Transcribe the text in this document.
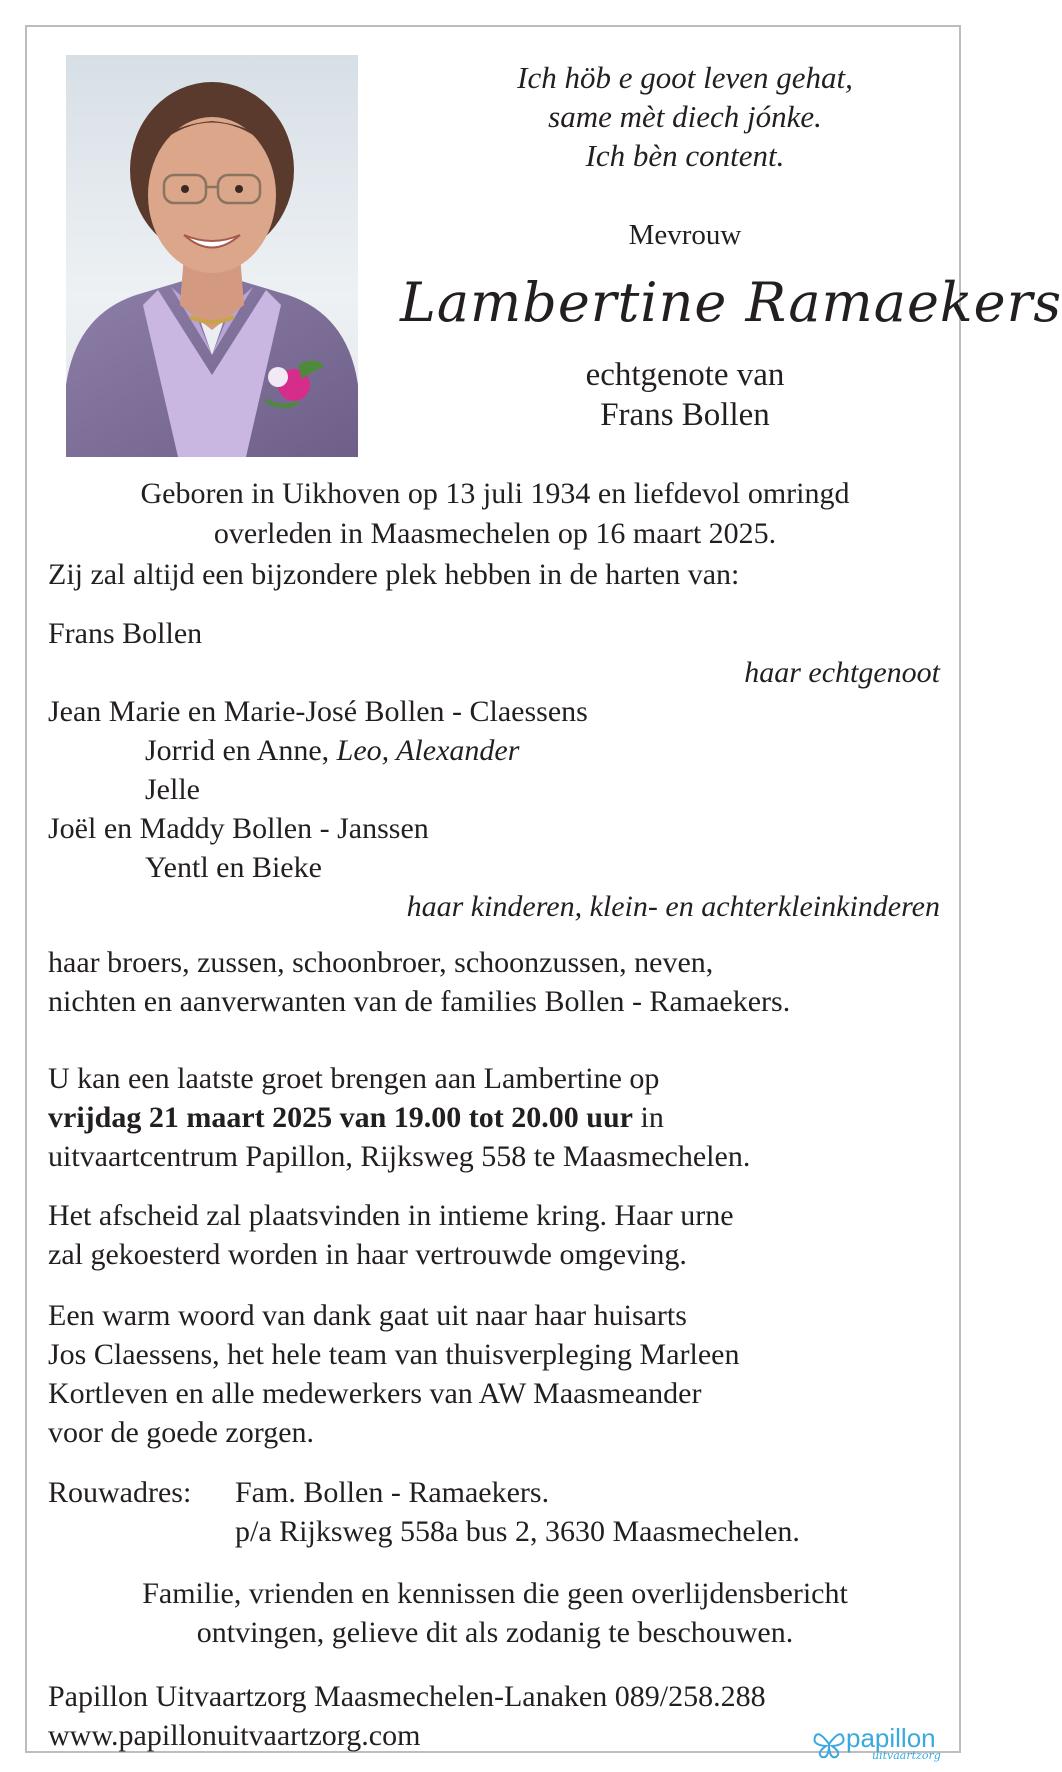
Ich höb e goot leven gehat,
same mèt diech jónke.
Ich bèn content.
Mevrouw
Lambertine Ramaekers
echtgenote van
Frans Bollen
Geboren in Uikhoven op 13 juli 1934 en liefdevol omringd
overleden in Maasmechelen op 16 maart 2025.
Zij zal altijd een bijzondere plek hebben in de harten van:
Frans Bollen
haar echtgenoot
Jean Marie en Marie-José Bollen - Claessens
Jorrid en Anne, Leo, Alexander
Jelle
Joël en Maddy Bollen - Janssen
Yentl en Bieke
haar kinderen, klein- en achterkleinkinderen
haar broers, zussen, schoonbroer, schoonzussen, neven,
nichten en aanverwanten van de families Bollen - Ramaekers.
U kan een laatste groet brengen aan Lambertine op
vrijdag 21 maart 2025 van 19.00 tot 20.00 uur in
uitvaartcentrum Papillon, Rijksweg 558 te Maasmechelen.
Het afscheid zal plaatsvinden in intieme kring. Haar urne
zal gekoesterd worden in haar vertrouwde omgeving.
Een warm woord van dank gaat uit naar haar huisarts
Jos Claessens, het hele team van thuisverpleging Marleen
Kortleven en alle medewerkers van AW Maasmeander
voor de goede zorgen.
Rouwadres: Fam. Bollen - Ramaekers.
p/a Rijksweg 558a bus 2, 3630 Maasmechelen.
Familie, vrienden en kennissen die geen overlijdensbericht
ontvingen, gelieve dit als zodanig te beschouwen.
Papillon Uitvaartzorg Maasmechelen-Lanaken 089/258.288
www.papillonuitvaartzorg.com	papillon
uitvaartzorg
